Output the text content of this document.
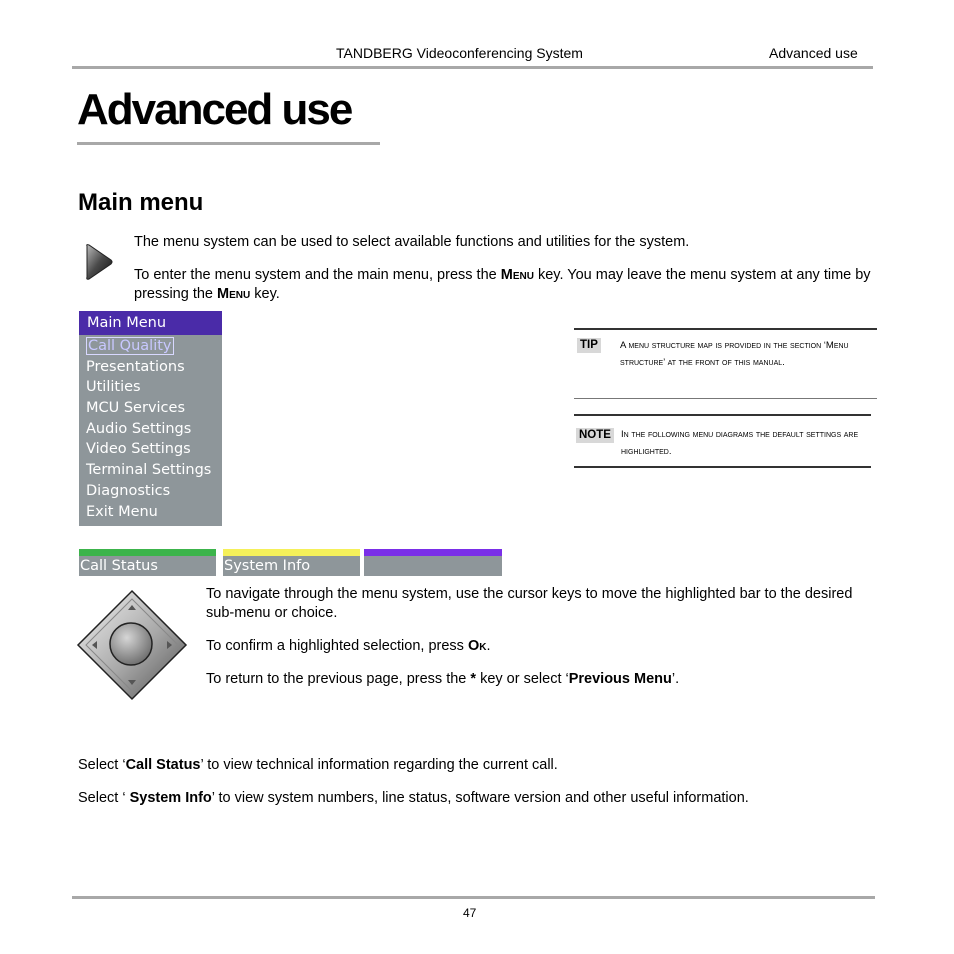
TANDBERG Videoconferencing System	Advanced use
Advanced use
Main menu

The menu system can be used to select available functions and utilities for the system.

To enter the menu system and the main menu, press the Menu key. You may leave the menu system at any time by pressing the Menu key.

Main Menu
Call Quality
Presentations
Utilities
MCU Services
Audio Settings
Video Settings
Terminal Settings
Diagnostics
Exit Menu
Call Status	System Info
TIP	A menu structure map is provided in the section ‘Menu structure’ at the front of this manual.
NOTE	In the following menu diagrams the default settings are highlighted.

To navigate through the menu system, use the cursor keys to move the highlighted bar to the desired sub-menu or choice.

To confirm a highlighted selection, press Ok.

To return to the previous page, press the * key or select ‘Previous Menu’.

Select ‘Call Status’ to view technical information regarding the current call.

Select ‘ System Info’ to view system numbers, line status, software version and other useful information.

47
